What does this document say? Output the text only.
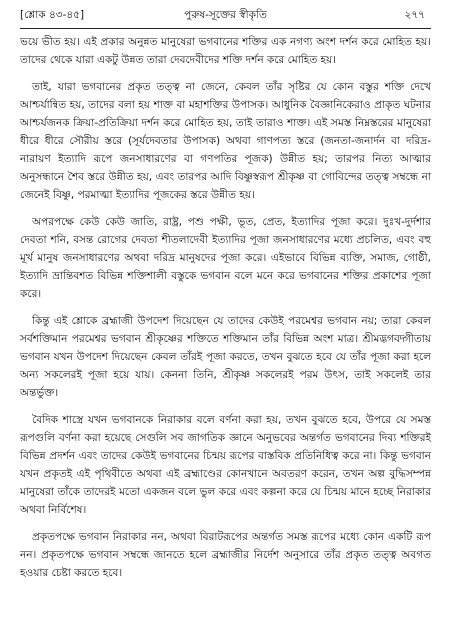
[শ্লোক ৪৩-৪৫]	পুরুষ-সূক্তের স্বীকৃতি	২৭৭

ভয়ে ভীত হয়। এই প্রকার অনুন্নত মানুষেরা ভগবানের শক্তির এক নগণ্য অংশ দর্শন করে মোহিত হয়। তাদের থেকে যারা একটু উন্নত তারা দেবদেবীদের শক্তি দর্শন করে মোহিত হয়।

তাই, যারা ভগবানের প্রকৃত তত্ত্ব না জেনে, কেবল তাঁর সৃষ্টির যে কোন বস্তুর শক্তি দেখে আশ্চর্যান্বিত হয়, তাদের বলা হয় শাক্ত বা মহাশক্তির উপাসক। আধুনিক বৈজ্ঞানিকেরাও প্রাকৃত ঘটনার আশ্চর্যজনক ক্রিয়া-প্রতিক্রিয়া দর্শন করে মোহিত হয়, তাই তারাও শাক্ত। এই সমস্ত নিম্নস্তরের মানুষেরা ধীরে ধীরে সৌরীয় স্তরে (সূর্যদেবতার উপাসক) অথবা গাণপত্য স্তরে (জনতা-জনার্দন বা দরিদ্র-নারায়ণ ইত্যাদি রূপে জনসাধারণের বা গণপতির পূজক) উন্নীত হয়; তারপর নিত্য আত্মার অনুসন্ধানে শৈব স্তরে উন্নীত হয়, এবং তারপর আদি বিষ্ণুস্বরূপ শ্রীকৃষ্ণ বা গোবিন্দের তত্ত্ব সম্বন্ধে না জেনেই বিষ্ণু, পরমাত্মা ইত্যাদির পূজকের স্তরে উন্নীত হয়।

অপরপক্ষে কেউ কেউ জাতি, রাষ্ট্র, পশু পক্ষী, ভূত, প্রেত, ইত্যাদির পূজা করে। দুঃখ-দুর্দশার দেবতা শনি, বসন্ত রোগের দেবতা শীতলাদেবী ইত্যাদির পূজা জনসাধারণের মধ্যে প্রচলিত, এবং বহু মূর্খ মানুষ জনসাধারণের অথবা দরিদ্র মানুষদের পূজা করে। এইভাবে বিভিন্ন ব্যক্তি, সমাজ, গোষ্ঠী, ইত্যাদি ভ্রান্তিবশত বিভিন্ন শক্তিশালী বস্তুকে ভগবান বলে মনে করে ভগবানের শক্তির প্রকাশের পূজা করে।

কিন্তু এই শ্লোকে ব্রহ্মাজী উপদেশ দিয়েছেন যে তাদের কেউই পরমেশ্বর ভগবান নয়; তারা কেবল সর্বশক্তিমান পরমেশ্বর ভগবান শ্রীকৃষ্ণের শক্তিতে শক্তিমান তাঁর বিভিন্ন অংশ মাত্র। শ্রীমদ্ভগবদ্গীতায় ভগবান যখন উপদেশ দিয়েছেন কেবল তাঁরই পূজা করতে, তখন বুঝতে হবে যে তাঁর পূজা করা হলে অন্য সকলেরই পূজা হয়ে যায়। কেননা তিনি, শ্রীকৃষ্ণ সকলেরই পরম উৎস, তাই সকলেই তার অন্তর্ভুক্ত।

বৈদিক শাস্ত্রে যখন ভগবানকে নিরাকার বলে বর্ণনা করা হয়, তখন বুঝতে হবে, উপরে যে সমস্ত রূপগুলি বর্ণনা করা হয়েছে সেগুলি সব জাগতিক জ্ঞানে অনুভবের অন্তর্গত ভগবানের দিব্য শক্তিরই বিভিন্ন প্রদর্শন এবং তাদের কেউই ভগবানের চিন্ময় রূপের বাস্তবিক প্রতিনিধিত্ব করে না। কিন্তু ভগবান যখন প্রকৃতই এই পৃথিবীতে অথবা এই ব্রহ্মাণ্ডের কোনখানে অবতরণ করেন, তখন অল্প বুদ্ধিসম্পন্ন মানুষেরা তাঁকে তাদেরই মতো একজন বলে ভুল করে এবং কল্পনা করে যে চিন্ময় মানে হচ্ছে নিরাকার অথবা নির্বিশেষ।

প্রকৃতপক্ষে ভগবান নিরাকার নন, অথবা বিরাটরূপের অন্তর্গত সমস্ত রূপের মধ্যে কোন একটি রূপ নন। প্রকৃতপক্ষে ভগবান সম্বন্ধে জানতে হলে ব্রহ্মাজীর নির্দেশ অনুসারে তাঁর প্রকৃত তত্ত্ব অবগত হওয়ার চেষ্টা করতে হবে।
